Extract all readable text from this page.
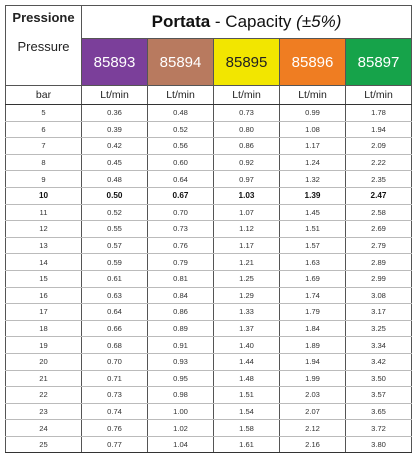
Pressione
Pressure	Portata - Capacity (±5%)				
	85893	85894	85895	85896	85897
bar	Lt/min	Lt/min	Lt/min	Lt/min	Lt/min
5	0.36	0.48	0.73	0.99	1.78
6	0.39	0.52	0.80	1.08	1.94
7	0.42	0.56	0.86	1.17	2.09
8	0.45	0.60	0.92	1.24	2.22
9	0.48	0.64	0.97	1.32	2.35
10	0.50	0.67	1.03	1.39	2.47
11	0.52	0.70	1.07	1.45	2.58
12	0.55	0.73	1.12	1.51	2.69
13	0.57	0.76	1.17	1.57	2.79
14	0.59	0.79	1.21	1.63	2.89
15	0.61	0.81	1.25	1.69	2.99
16	0.63	0.84	1.29	1.74	3.08
17	0.64	0.86	1.33	1.79	3.17
18	0.66	0.89	1.37	1.84	3.25
19	0.68	0.91	1.40	1.89	3.34
20	0.70	0.93	1.44	1.94	3.42
21	0.71	0.95	1.48	1.99	3.50
22	0.73	0.98	1.51	2.03	3.57
23	0.74	1.00	1.54	2.07	3.65
24	0.76	1.02	1.58	2.12	3.72
25	0.77	1.04	1.61	2.16	3.80
